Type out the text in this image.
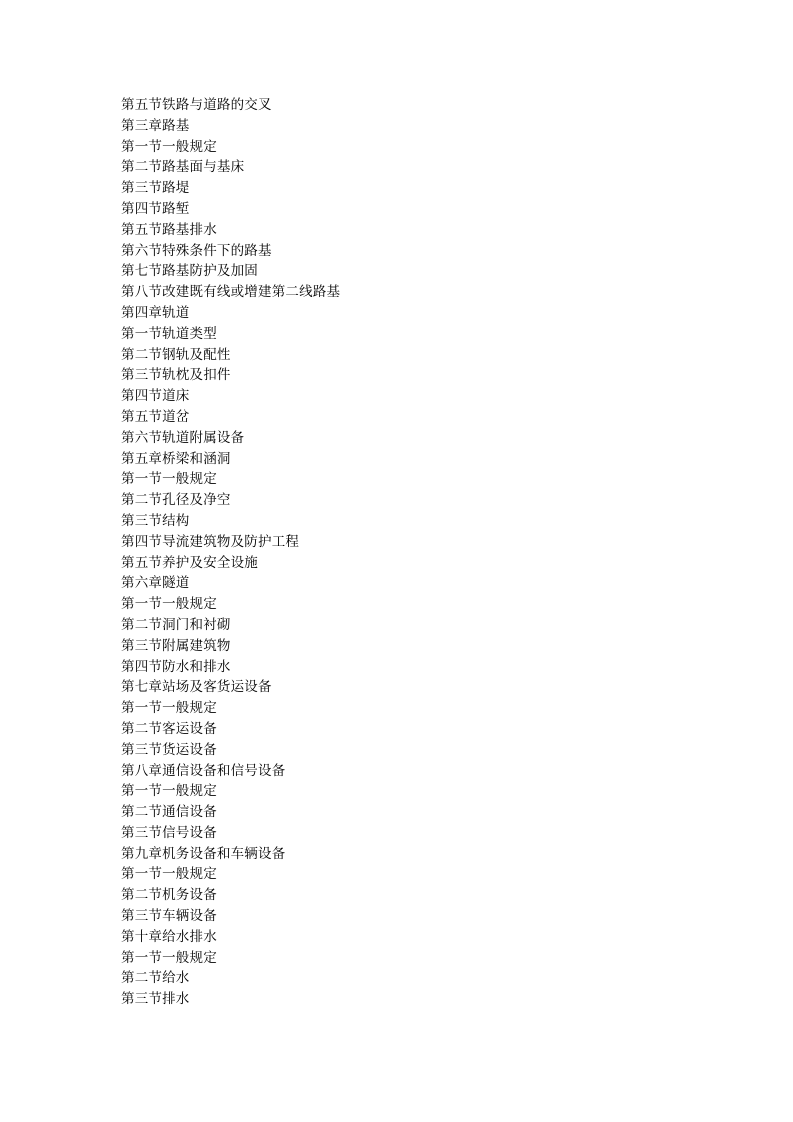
第五节铁路与道路的交叉
第三章路基
第一节一般规定
第二节路基面与基床
第三节路堤
第四节路堑
第五节路基排水
第六节特殊条件下的路基
第七节路基防护及加固
第八节改建既有线或增建第二线路基
第四章轨道
第一节轨道类型
第二节钢轨及配性
第三节轨枕及扣件
第四节道床
第五节道岔
第六节轨道附属设备
第五章桥梁和涵洞
第一节一般规定
第二节孔径及净空
第三节结构
第四节导流建筑物及防护工程
第五节养护及安全设施
第六章隧道
第一节一般规定
第二节洞门和衬砌
第三节附属建筑物
第四节防水和排水
第七章站场及客货运设备
第一节一般规定
第二节客运设备
第三节货运设备
第八章通信设备和信号设备
第一节一般规定
第二节通信设备
第三节信号设备
第九章机务设备和车辆设备
第一节一般规定
第二节机务设备
第三节车辆设备
第十章给水排水
第一节一般规定
第二节给水
第三节排水
